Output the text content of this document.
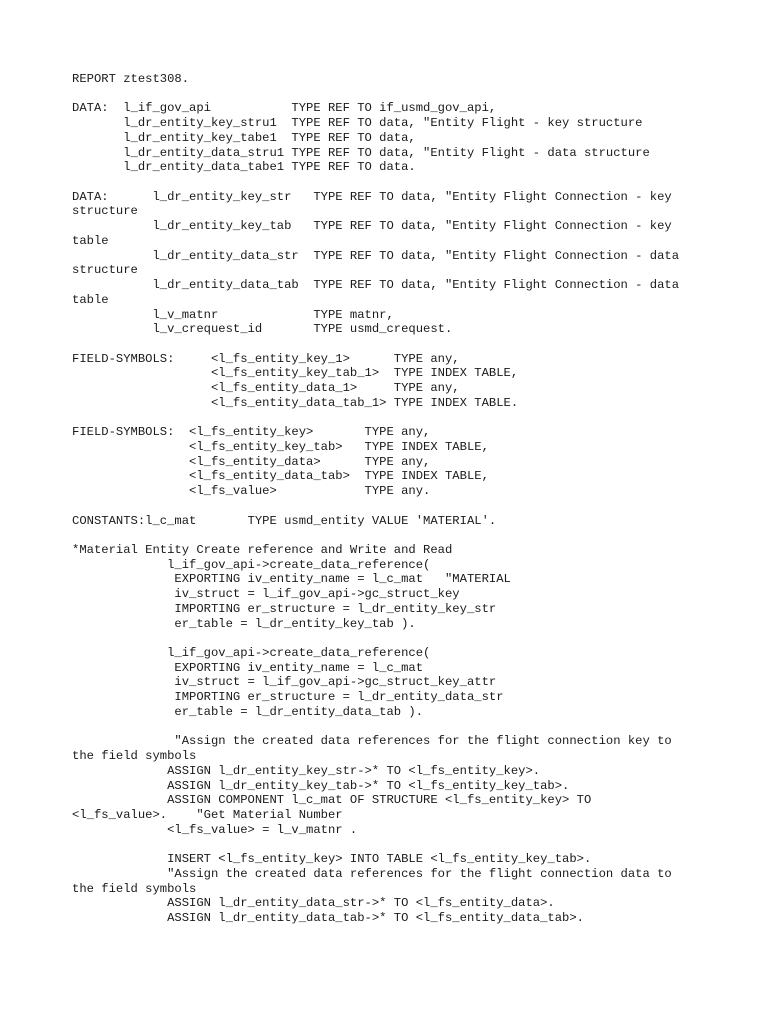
REPORT ztest308.
DATA:  l_if_gov_api           TYPE REF TO if_usmd_gov_api,
l_dr_entity_key_stru1  TYPE REF TO data, "Entity Flight - key structure
l_dr_entity_key_tabe1  TYPE REF TO data,
l_dr_entity_data_stru1 TYPE REF TO data, "Entity Flight - data structure
l_dr_entity_data_tabe1 TYPE REF TO data.
DATA:      l_dr_entity_key_str   TYPE REF TO data, "Entity Flight Connection - key
structure
l_dr_entity_key_tab   TYPE REF TO data, "Entity Flight Connection - key
table
l_dr_entity_data_str  TYPE REF TO data, "Entity Flight Connection - data
structure
l_dr_entity_data_tab  TYPE REF TO data, "Entity Flight Connection - data
table
l_v_matnr             TYPE matnr,
l_v_crequest_id       TYPE usmd_crequest.
FIELD-SYMBOLS:     <l_fs_entity_key_1>      TYPE any,
<l_fs_entity_key_tab_1>  TYPE INDEX TABLE,
<l_fs_entity_data_1>     TYPE any,
<l_fs_entity_data_tab_1> TYPE INDEX TABLE.
FIELD-SYMBOLS:  <l_fs_entity_key>       TYPE any,
<l_fs_entity_key_tab>   TYPE INDEX TABLE,
<l_fs_entity_data>      TYPE any,
<l_fs_entity_data_tab>  TYPE INDEX TABLE,
<l_fs_value>            TYPE any.
CONSTANTS:l_c_mat       TYPE usmd_entity VALUE 'MATERIAL'.
*Material Entity Create reference and Write and Read
l_if_gov_api->create_data_reference(
EXPORTING iv_entity_name = l_c_mat   "MATERIAL
iv_struct = l_if_gov_api->gc_struct_key
IMPORTING er_structure = l_dr_entity_key_str
er_table = l_dr_entity_key_tab ).
l_if_gov_api->create_data_reference(
EXPORTING iv_entity_name = l_c_mat
iv_struct = l_if_gov_api->gc_struct_key_attr
IMPORTING er_structure = l_dr_entity_data_str
er_table = l_dr_entity_data_tab ).
"Assign the created data references for the flight connection key to
the field symbols
ASSIGN l_dr_entity_key_str->* TO <l_fs_entity_key>.
ASSIGN l_dr_entity_key_tab->* TO <l_fs_entity_key_tab>.
ASSIGN COMPONENT l_c_mat OF STRUCTURE <l_fs_entity_key> TO
<l_fs_value>.    "Get Material Number
<l_fs_value> = l_v_matnr .
INSERT <l_fs_entity_key> INTO TABLE <l_fs_entity_key_tab>.
"Assign the created data references for the flight connection data to
the field symbols
ASSIGN l_dr_entity_data_str->* TO <l_fs_entity_data>.
ASSIGN l_dr_entity_data_tab->* TO <l_fs_entity_data_tab>.
